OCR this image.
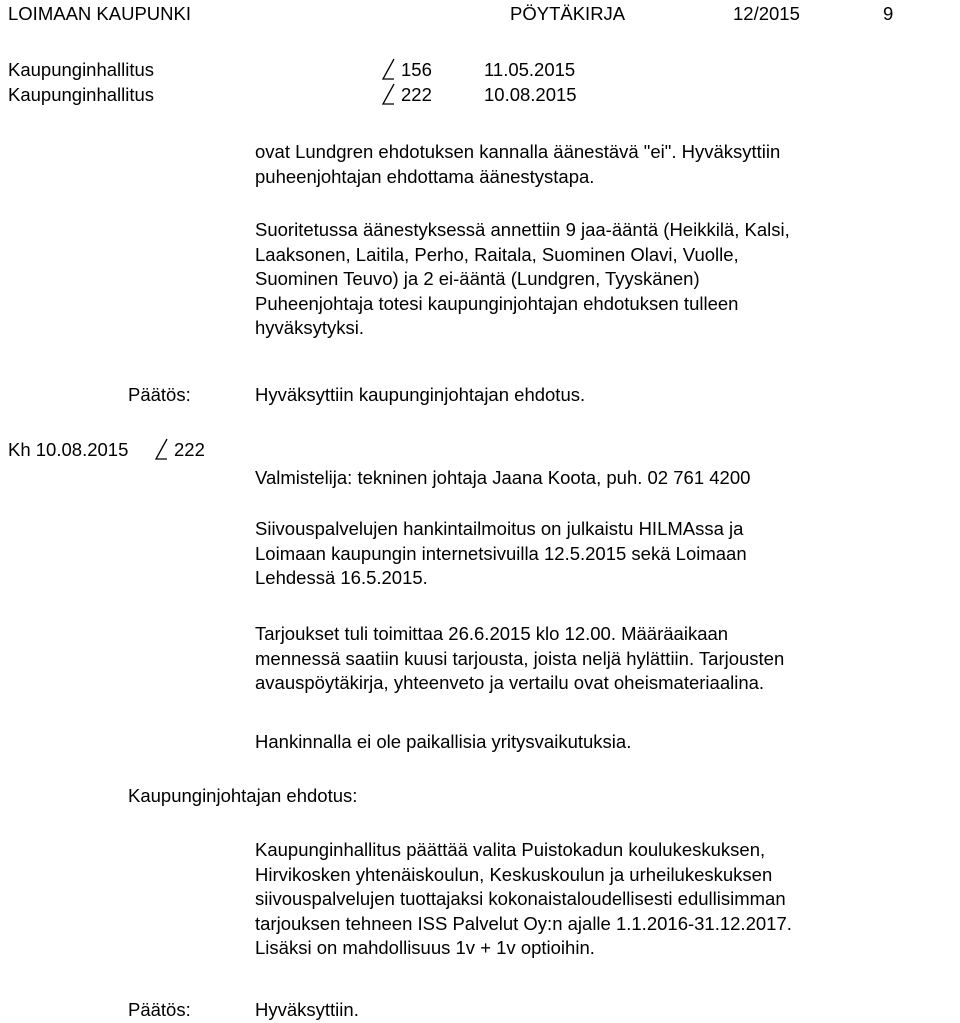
LOIMAAN KAUPUNKI	PÖYTÄKIRJA	12/2015	9
Kaupunginhallitus	156	11.05.2015
Kaupunginhallitus	222	10.08.2015
ovat Lundgren ehdotuksen kannalla äänestävä "ei". Hyväksyttiin
puheenjohtajan ehdottama äänestystapa.
Suoritetussa äänestyksessä annettiin 9 jaa-ääntä (Heikkilä, Kalsi,
Laaksonen, Laitila, Perho, Raitala, Suominen Olavi, Vuolle,
Suominen Teuvo) ja 2 ei-ääntä (Lundgren, Tyyskänen)
Puheenjohtaja totesi kaupunginjohtajan ehdotuksen tulleen
hyväksytyksi.
Päätös:	Hyväksyttiin kaupunginjohtajan ehdotus.
Kh 10.08.2015 222
Valmistelija: tekninen johtaja Jaana Koota, puh. 02 761 4200
Siivouspalvelujen hankintailmoitus on julkaistu HILMAssa ja
Loimaan kaupungin internetsivuilla 12.5.2015 sekä Loimaan
Lehdessä 16.5.2015.
Tarjoukset tuli toimittaa 26.6.2015 klo 12.00. Määräaikaan
mennessä saatiin kuusi tarjousta, joista neljä hylättiin. Tarjousten
avauspöytäkirja, yhteenveto ja vertailu ovat oheismateriaalina.
Hankinnalla ei ole paikallisia yritysvaikutuksia.
Kaupunginjohtajan ehdotus:
Kaupunginhallitus päättää valita Puistokadun koulukeskuksen,
Hirvikosken yhtenäiskoulun, Keskuskoulun ja urheilukeskuksen
siivouspalvelujen tuottajaksi kokonaistaloudellisesti edullisimman
tarjouksen tehneen ISS Palvelut Oy:n ajalle 1.1.2016-31.12.2017.
Lisäksi on mahdollisuus 1v + 1v optioihin.
Päätös:	Hyväksyttiin.
